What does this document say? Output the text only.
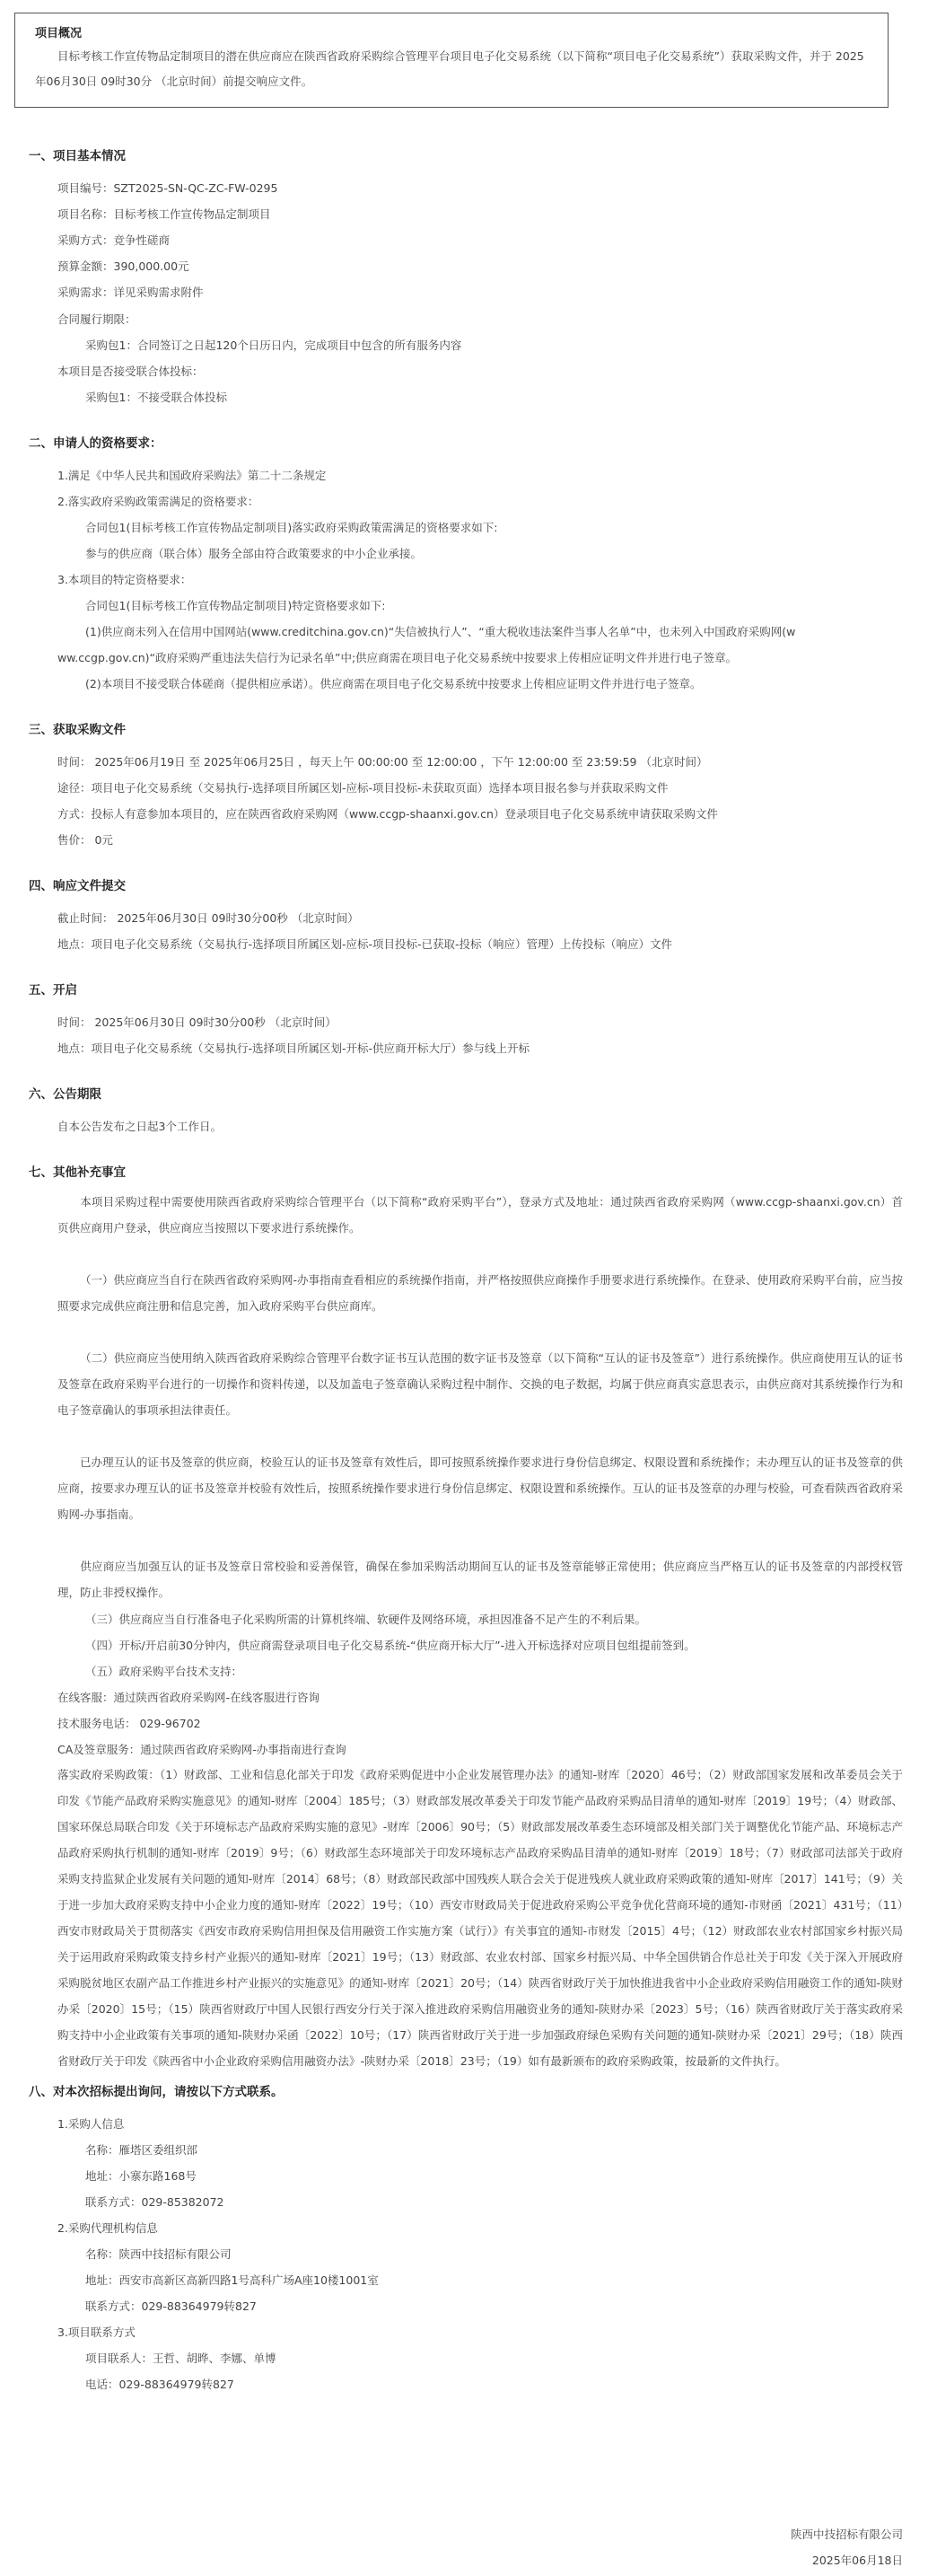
项目概况
目标考核工作宣传物品定制项目的潜在供应商应在陕西省政府采购综合管理平台项目电子化交易系统（以下简称“项目电子化交易系统”）获取采购文件，并于 2025年06月30日 09时30分 （北京时间）前提交响应文件。
一、项目基本情况
项目编号：SZT2025-SN-QC-ZC-FW-0295
项目名称：目标考核工作宣传物品定制项目
采购方式：竞争性磋商
预算金额：390,000.00元
采购需求：详见采购需求附件
合同履行期限：
采购包1：合同签订之日起120个日历日内，完成项目中包含的所有服务内容
本项目是否接受联合体投标：
采购包1：不接受联合体投标
二、申请人的资格要求：
1.满足《中华人民共和国政府采购法》第二十二条规定
2.落实政府采购政策需满足的资格要求：
合同包1(目标考核工作宣传物品定制项目)落实政府采购政策需满足的资格要求如下:
参与的供应商（联合体）服务全部由符合政策要求的中小企业承接。
3.本项目的特定资格要求：
合同包1(目标考核工作宣传物品定制项目)特定资格要求如下:
(1)供应商未列入在信用中国网站(www.creditchina.gov.cn)“失信被执行人”、“重大税收违法案件当事人名单”中，也未列入中国政府采购网(w
ww.ccgp.gov.cn)“政府采购严重违法失信行为记录名单”中;供应商需在项目电子化交易系统中按要求上传相应证明文件并进行电子签章。
(2)本项目不接受联合体磋商（提供相应承诺）。供应商需在项目电子化交易系统中按要求上传相应证明文件并进行电子签章。
三、获取采购文件
时间： 2025年06月19日 至 2025年06月25日 ，每天上午 00:00:00 至 12:00:00 ，下午 12:00:00 至 23:59:59 （北京时间）
途径：项目电子化交易系统（交易执行-选择项目所属区划-应标-项目投标-未获取页面）选择本项目报名参与并获取采购文件
方式：投标人有意参加本项目的，应在陕西省政府采购网（www.ccgp-shaanxi.gov.cn）登录项目电子化交易系统申请获取采购文件
售价： 0元
四、响应文件提交
截止时间： 2025年06月30日 09时30分00秒 （北京时间）
地点：项目电子化交易系统（交易执行-选择项目所属区划-应标-项目投标-已获取-投标（响应）管理）上传投标（响应）文件
五、开启
时间： 2025年06月30日 09时30分00秒 （北京时间）
地点：项目电子化交易系统（交易执行-选择项目所属区划-开标-供应商开标大厅）参与线上开标
六、公告期限
自本公告发布之日起3个工作日。
七、其他补充事宜
本项目采购过程中需要使用陕西省政府采购综合管理平台（以下简称“政府采购平台”），登录方式及地址：通过陕西省政府采购网（www.ccgp-shaanxi.gov.cn）首页供应商用户登录，供应商应当按照以下要求进行系统操作。
（一）供应商应当自行在陕西省政府采购网-办事指南查看相应的系统操作指南，并严格按照供应商操作手册要求进行系统操作。在登录、使用政府采购平台前，应当按照要求完成供应商注册和信息完善，加入政府采购平台供应商库。
（二）供应商应当使用纳入陕西省政府采购综合管理平台数字证书互认范围的数字证书及签章（以下简称“互认的证书及签章”）进行系统操作。供应商使用互认的证书及签章在政府采购平台进行的一切操作和资料传递，以及加盖电子签章确认采购过程中制作、交换的电子数据，均属于供应商真实意思表示，由供应商对其系统操作行为和电子签章确认的事项承担法律责任。
已办理互认的证书及签章的供应商，校验互认的证书及签章有效性后，即可按照系统操作要求进行身份信息绑定、权限设置和系统操作；未办理互认的证书及签章的供应商，按要求办理互认的证书及签章并校验有效性后，按照系统操作要求进行身份信息绑定、权限设置和系统操作。互认的证书及签章的办理与校验，可查看陕西省政府采购网-办事指南。
供应商应当加强互认的证书及签章日常校验和妥善保管，确保在参加采购活动期间互认的证书及签章能够正常使用；供应商应当严格互认的证书及签章的内部授权管理，防止非授权操作。
（三）供应商应当自行准备电子化采购所需的计算机终端、软硬件及网络环境，承担因准备不足产生的不利后果。
（四）开标/开启前30分钟内，供应商需登录项目电子化交易系统-“供应商开标大厅”-进入开标选择对应项目包组提前签到。
（五）政府采购平台技术支持：
在线客服：通过陕西省政府采购网-在线客服进行咨询
技术服务电话： 029-96702
CA及签章服务：通过陕西省政府采购网-办事指南进行查询
落实政府采购政策：（1）财政部、工业和信息化部关于印发《政府采购促进中小企业发展管理办法》的通知-财库〔2020〕46号；（2）财政部国家发展和改革委员会关于印发《节能产品政府采购实施意见》的通知-财库〔2004〕185号；（3）财政部发展改革委关于印发节能产品政府采购品目清单的通知-财库〔2019〕19号；（4）财政部、国家环保总局联合印发《关于环境标志产品政府采购实施的意见》-财库〔2006〕90号；（5）财政部发展改革委生态环境部及相关部门关于调整优化节能产品、环境标志产品政府采购执行机制的通知-财库〔2019〕9号；（6）财政部生态环境部关于印发环境标志产品政府采购品目清单的通知-财库〔2019〕18号；（7）财政部司法部关于政府采购支持监狱企业发展有关问题的通知-财库〔2014〕68号；（8）财政部民政部中国残疾人联合会关于促进残疾人就业政府采购政策的通知-财库〔2017〕141号；（9）关于进一步加大政府采购支持中小企业力度的通知-财库〔2022〕19号；（10）西安市财政局关于促进政府采购公平竞争优化营商环境的通知-市财函〔2021〕431号；（11）西安市财政局关于贯彻落实《西安市政府采购信用担保及信用融资工作实施方案（试行）》有关事宜的通知-市财发〔2015〕4号；（12）财政部农业农村部国家乡村振兴局关于运用政府采购政策支持乡村产业振兴的通知-财库〔2021〕19号；（13）财政部、农业农村部、国家乡村振兴局、中华全国供销合作总社关于印发《关于深入开展政府采购脱贫地区农副产品工作推进乡村产业振兴的实施意见》的通知-财库〔2021〕20号；（14）陕西省财政厅关于加快推进我省中小企业政府采购信用融资工作的通知-陕财办采〔2020〕15号；（15）陕西省财政厅中国人民银行西安分行关于深入推进政府采购信用融资业务的通知-陕财办采〔2023〕5号；（16）陕西省财政厅关于落实政府采购支持中小企业政策有关事项的通知-陕财办采函〔2022〕10号；（17）陕西省财政厅关于进一步加强政府绿色采购有关问题的通知-陕财办采〔2021〕29号；（18）陕西省财政厅关于印发《陕西省中小企业政府采购信用融资办法》-陕财办采〔2018〕23号；（19）如有最新颁布的政府采购政策，按最新的文件执行。
八、对本次招标提出询问，请按以下方式联系。
1.采购人信息
名称：雁塔区委组织部
地址：小寨东路168号
联系方式：029-85382072
2.采购代理机构信息
名称：陕西中技招标有限公司
地址：西安市高新区高新四路1号高科广场A座10楼1001室
联系方式：029-88364979转827
3.项目联系方式
项目联系人：王哲、胡晔、李娜、单博
电话：029-88364979转827
陕西中技招标有限公司
2025年06月18日
